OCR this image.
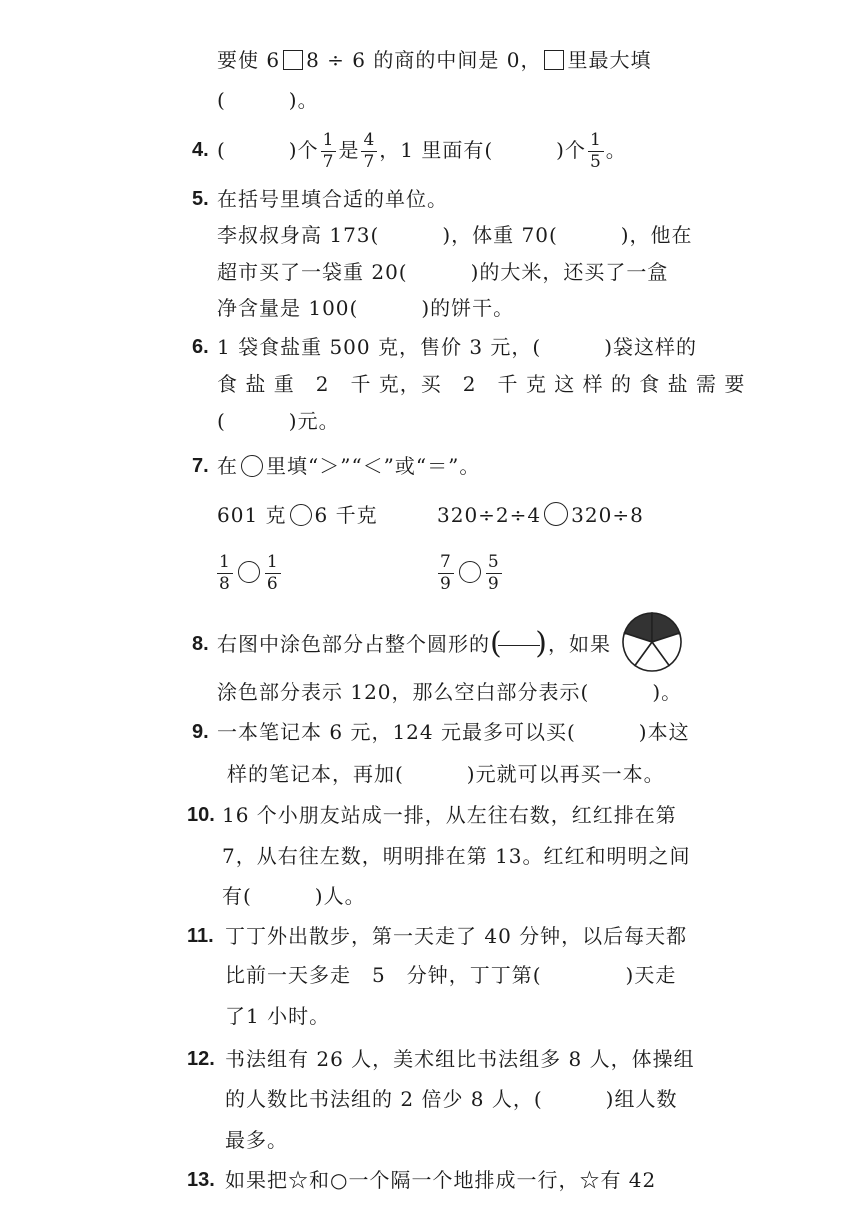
要使 6 8 ÷ 6 的商的中间是 0， 里最大填
(　　　)。
4. (　　　)个 $\frac{1}{7}$ 是 $\frac{4}{7}$ ，1 里面有(　　　)个 $\frac{1}{5}$ 。
5. 在括号里填合适的单位。
李叔叔身高 173(　　　)，体重 70(　　　)，他在
超市买了一袋重 20(　　　)的大米，还买了一盒
净含量是 100(　　　)的饼干。
6. 1 袋食盐重 500 克，售价 3 元，(　　　)袋这样的
食 盐 重　2　千 克，买　2　千 克 这 样 的 食 盐 需 要
(　　　)元。
7. 在 里填“＞”“＜”或“＝”。
601 克 6 千克	320÷2÷4 320÷8
$\frac{1}{8} \frac{1}{6}$	$\frac{7}{9} \frac{5}{9}$
8. 右图中涂色部分占整个圆形的 ( ) ，如果
涂色部分表示 120，那么空白部分表示(　　　)。
9. 一本笔记本 6 元，124 元最多可以买(　　　)本这
样的笔记本，再加(　　　)元就可以再买一本。
10. 16 个小朋友站成一排，从左往右数，红红排在第
7，从右往左数，明明排在第 13。红红和明明之间
有(　　　)人。
11. 丁丁外出散步，第一天走了 40 分钟，以后每天都
比前一天多走　5　分钟，丁丁第(　　　　)天走
了1 小时。
12. 书法组有 26 人，美术组比书法组多 8 人，体操组
的人数比书法组的 2 倍少 8 人，(　　　)组人数
最多。
13. 如果把☆和○一个隔一个地排成一行，☆有 42
